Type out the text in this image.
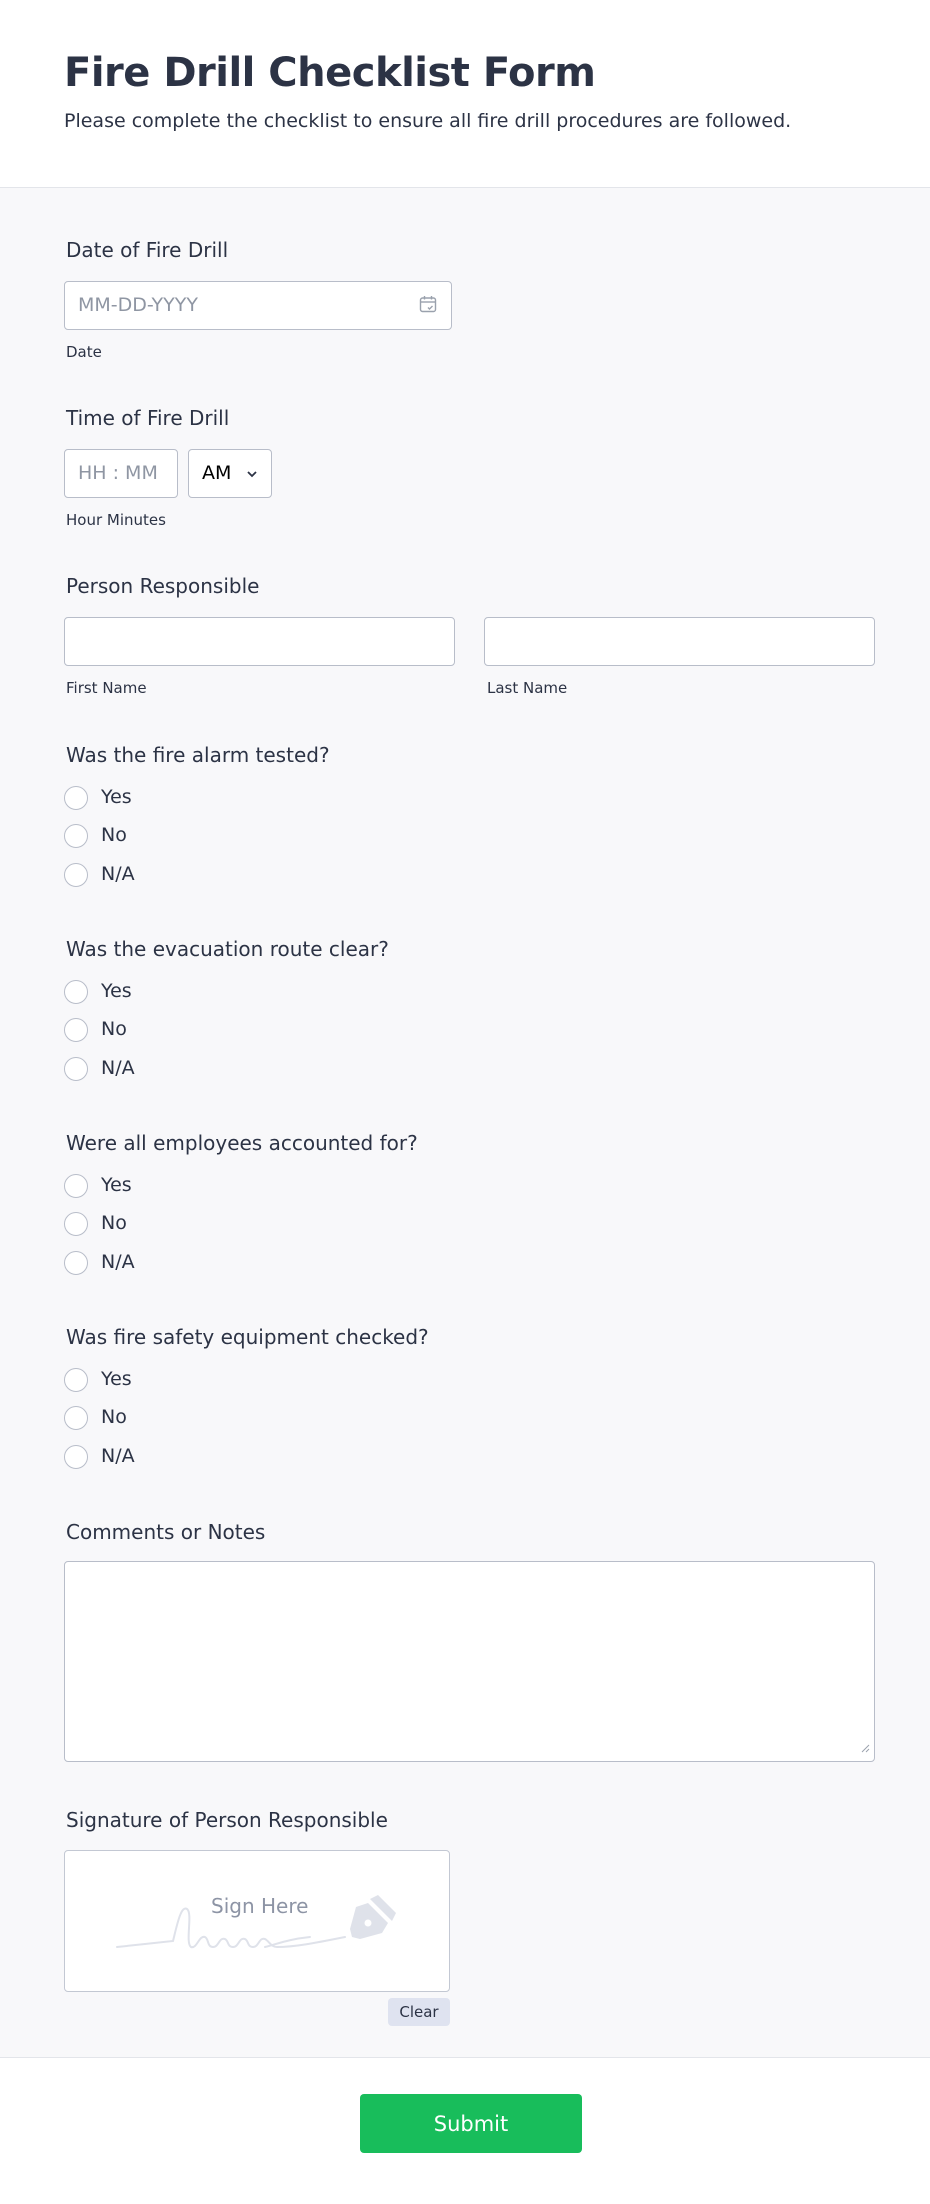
Fire Drill Checklist Form
Please complete the checklist to ensure all fire drill procedures are followed.
Date of Fire Drill
MM-DD-YYYY
Date
Time of Fire Drill
HH : MM AM
Hour Minutes
Person Responsible
First Name	Last Name
Was the fire alarm tested?
Yes
No
N/A
Was the evacuation route clear?
Yes
No
N/A
Were all employees accounted for?
Yes
No
N/A
Was fire safety equipment checked?
Yes
No
N/A
Comments or Notes
Signature of Person Responsible
Sign Here
Clear
Submit
